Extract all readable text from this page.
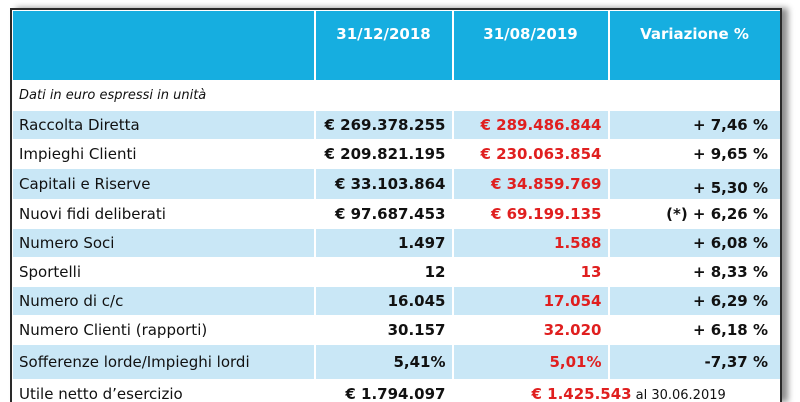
	31/12/2018	31/08/2019	Variazione %
Dati in euro espressi in unità			
Raccolta Diretta	€ 269.378.255	€ 289.486.844	+ 7,46 %
Impieghi Clienti	€ 209.821.195	€ 230.063.854	+ 9,65 %
Capitali e Riserve	€ 33.103.864	€ 34.859.769	+ 5,30 %
Nuovi fidi deliberati	€ 97.687.453	€ 69.199.135	(*) + 6,26 %
Numero Soci	1.497	1.588	+ 6,08 %
Sportelli	12	13	+ 8,33 %
Numero di c/c	16.045	17.054	+ 6,29 %
Numero Clienti (rapporti)	30.157	32.020	+ 6,18 %
Sofferenze lorde/Impieghi lordi	5,41%	5,01%	-7,37 %
Utile netto d’esercizio	€ 1.794.097	€ 1.425.543 al 30.06.2019	
